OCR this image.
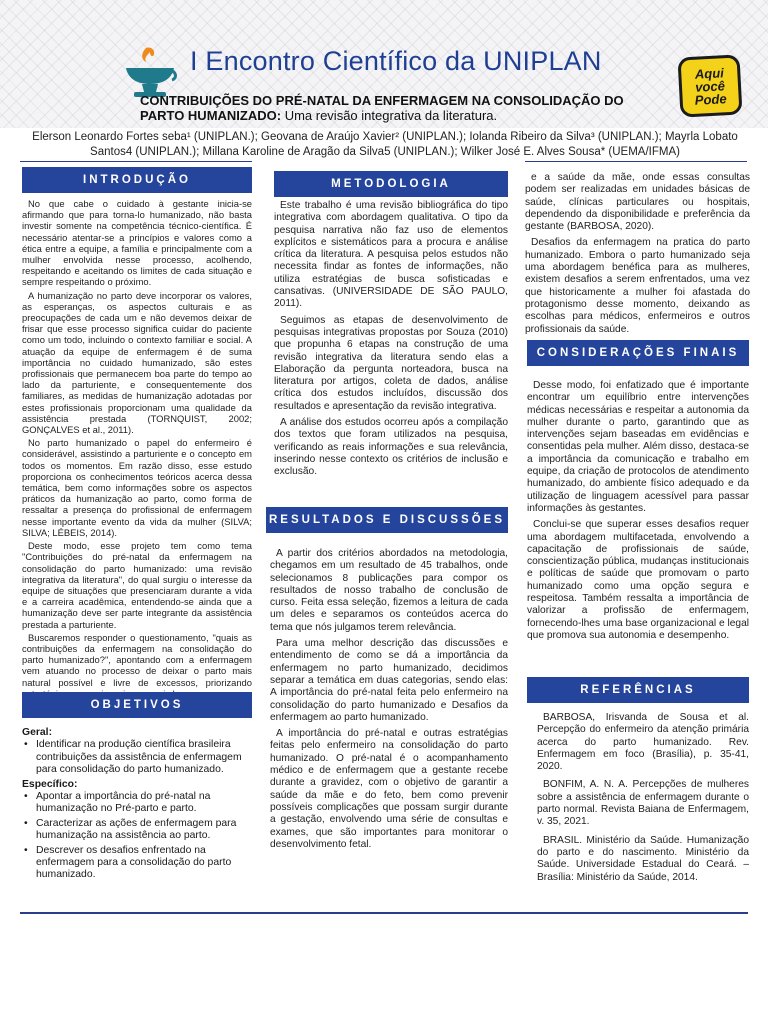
I Encontro Científico da UNIPLAN	Aqui
você
Pode
CONTRIBUIÇÕES DO PRÉ-NATAL DA ENFERMAGEM NA CONSOLIDAÇÃO DO PARTO HUMANIZADO: Uma revisão integrativa da literatura.
Elerson Leonardo Fortes seba¹ (UNIPLAN.); Geovana de Araújo Xavier² (UNIPLAN.); Iolanda Ribeiro da Silva³ (UNIPLAN.); Mayrla Lobato Santos4 (UNIPLAN.); Millana Karoline de Aragão da Silva5 (UNIPLAN.); Wilker José E. Alves Sousa* (UEMA/IFMA)
INTRODUÇÃO

No que cabe o cuidado à gestante inicia-se afirmando que para torna-lo humanizado, não basta investir somente na competência técnico-científica. É necessário atentar-se a princípios e valores como a ética entre a equipe, a família e principalmente com a mulher envolvida nesse processo, acolhendo, respeitando e aceitando os limites de cada situação e sempre respeitando o próximo.

A humanização no parto deve incorporar os valores, as esperanças, os aspectos culturais e as preocupações de cada um e não devemos deixar de frisar que esse processo significa cuidar do paciente como um todo, incluindo o contexto familiar e social. A atuação da equipe de enfermagem é de suma importância no cuidado humanizado, são estes profissionais que permanecem boa parte do tempo ao lado da parturiente, e consequentemente dos familiares, as medidas de humanização adotadas por estes profissionais proporcionam uma qualidade da assistência prestada (TORNQUIST, 2002; GONÇALVES et al., 2011).

No parto humanizado o papel do enfermeiro é considerável, assistindo a parturiente e o concepto em todos os momentos. Em razão disso, esse estudo proporciona os conhecimentos teóricos acerca dessa temática, bem como informações sobre os aspectos práticos da humanização ao parto, como forma de ressaltar a presença do profissional de enfermagem nesse importante evento da vida da mulher (SILVA; SILVA; LÉBEIS, 2014).

Deste modo, esse projeto tem como tema "Contribuições do pré-natal da enfermagem na consolidação do parto humanizado: uma revisão integrativa da literatura", do qual surgiu o interesse da equipe de situações que presenciaram durante a vida e a carreira acadêmica, entendendo-se ainda que a humanização deve ser parte integrante da assistência prestada a parturiente.

Buscaremos responder o questionamento, "quais as contribuições da enfermagem na consolidação do parto humanizado?", apontando com a enfermagem vem atuando no processo de deixar o parto mais natural possível e livre de excessos, priorizando

OBJETIVOS
Geral:
• Identificar na produção científica brasileira contribuições da assistência de enfermagem para consolidação do parto humanizado.
Específico:
• Apontar a importância do pré-natal na humanização no Pré-parto e parto.
• Caracterizar as ações de enfermagem para humanização na assistência ao parto.
• Descrever os desafios enfrentado na enfermagem para a consolidação do parto humanizado.
METODOLOGIA

Este trabalho é uma revisão bibliográfica do tipo integrativa com abordagem qualitativa. O tipo da pesquisa narrativa não faz uso de elementos explícitos e sistemáticos para a procura e análise crítica da literatura. A pesquisa pelos estudos não necessita findar as fontes de informações, não utiliza estratégias de busca sofisticadas e cansativas. (UNIVERSIDADE DE SÃO PAULO, 2011).

Seguimos as etapas de desenvolvimento de pesquisas integrativas propostas por Souza (2010) que propunha 6 etapas na construção de uma revisão integrativa da literatura sendo elas a Elaboração da pergunta norteadora, busca na literatura por artigos, coleta de dados, análise crítica dos estudos incluídos, discussão dos resultados e apresentação da revisão integrativa.

A análise dos estudos ocorreu após a compilação dos textos que foram utilizados na pesquisa, verificando as reais informações e sua relevância, inserindo nesse contexto os critérios de inclusão e exclusão.

RESULTADOS E DISCUSSÕES

A partir dos critérios abordados na metodologia, chegamos em um resultado de 45 trabalhos, onde selecionamos 8 publicações para compor os resultados de nosso trabalho de conclusão de curso. Feita essa seleção, fizemos a leitura de cada um deles e separamos os conteúdos acerca do tema que nós julgamos terem relevância.

Para uma melhor descrição das discussões e entendimento de como se dá a importância da enfermagem no parto humanizado, decidimos separar a temática em duas categorias, sendo elas: A importância do pré-natal feita pelo enfermeiro na consolidação do parto humanizado e Desafios da enfermagem ao parto humanizado.

A importância do pré-natal e outras estratégias feitas pelo enfermeiro na consolidação do parto humanizado. O pré-natal é o acompanhamento médico e de enfermagem que a gestante recebe durante a gravidez, com o objetivo de garantir a saúde da mãe e do feto, bem como prevenir possíveis complicações que possam surgir durante a gestação, envolvendo uma série de consultas e exames, que são importantes para monitorar o desenvolvimento fetal.

e a saúde da mãe, onde essas consultas podem ser realizadas em unidades básicas de saúde, clínicas particulares ou hospitais, dependendo da disponibilidade e preferência da gestante (BARBOSA, 2020).

Desafios da enfermagem na pratica do parto humanizado. Embora o parto humanizado seja uma abordagem benéfica para as mulheres, existem desafios a serem enfrentados, uma vez que historicamente a mulher foi afastada do protagonismo desse momento, deixando as escolhas para médicos, enfermeiros e outros profissionais da saúde.

CONSIDERAÇÕES FINAIS

Desse modo, foi enfatizado que é importante encontrar um equilíbrio entre intervenções médicas necessárias e respeitar a autonomia da mulher durante o parto, garantindo que as intervenções sejam baseadas em evidências e consentidas pela mulher. Além disso, destaca-se a importância da comunicação e trabalho em equipe, da criação de protocolos de atendimento humanizado, do ambiente físico adequado e da utilização de linguagem acessível para passar informações às gestantes.

Conclui-se que superar esses desafios requer uma abordagem multifacetada, envolvendo a capacitação de profissionais de saúde, conscientização pública, mudanças institucionais e políticas de saúde que promovam o parto humanizado como uma opção segura e respeitosa. Também ressalta a importância de valorizar a profissão de enfermagem, fornecendo-lhes uma base organizacional e legal que promova sua autonomia e desempenho.

REFERÊNCIAS

BARBOSA, Irisvanda de Sousa et al. Percepção do enfermeiro da atenção primária acerca do parto humanizado. Rev. Enfermagem em foco (Brasília), p. 35-41, 2020.

BONFIM, A. N. A. Percepções de mulheres sobre a assistência de enfermagem durante o parto normal. Revista Baiana de Enfermagem, v. 35, 2021.

BRASIL. Ministério da Saúde. Humanização do parto e do nascimento. Ministério da Saúde. Universidade Estadual do Ceará. – Brasília: Ministério da Saúde, 2014.
